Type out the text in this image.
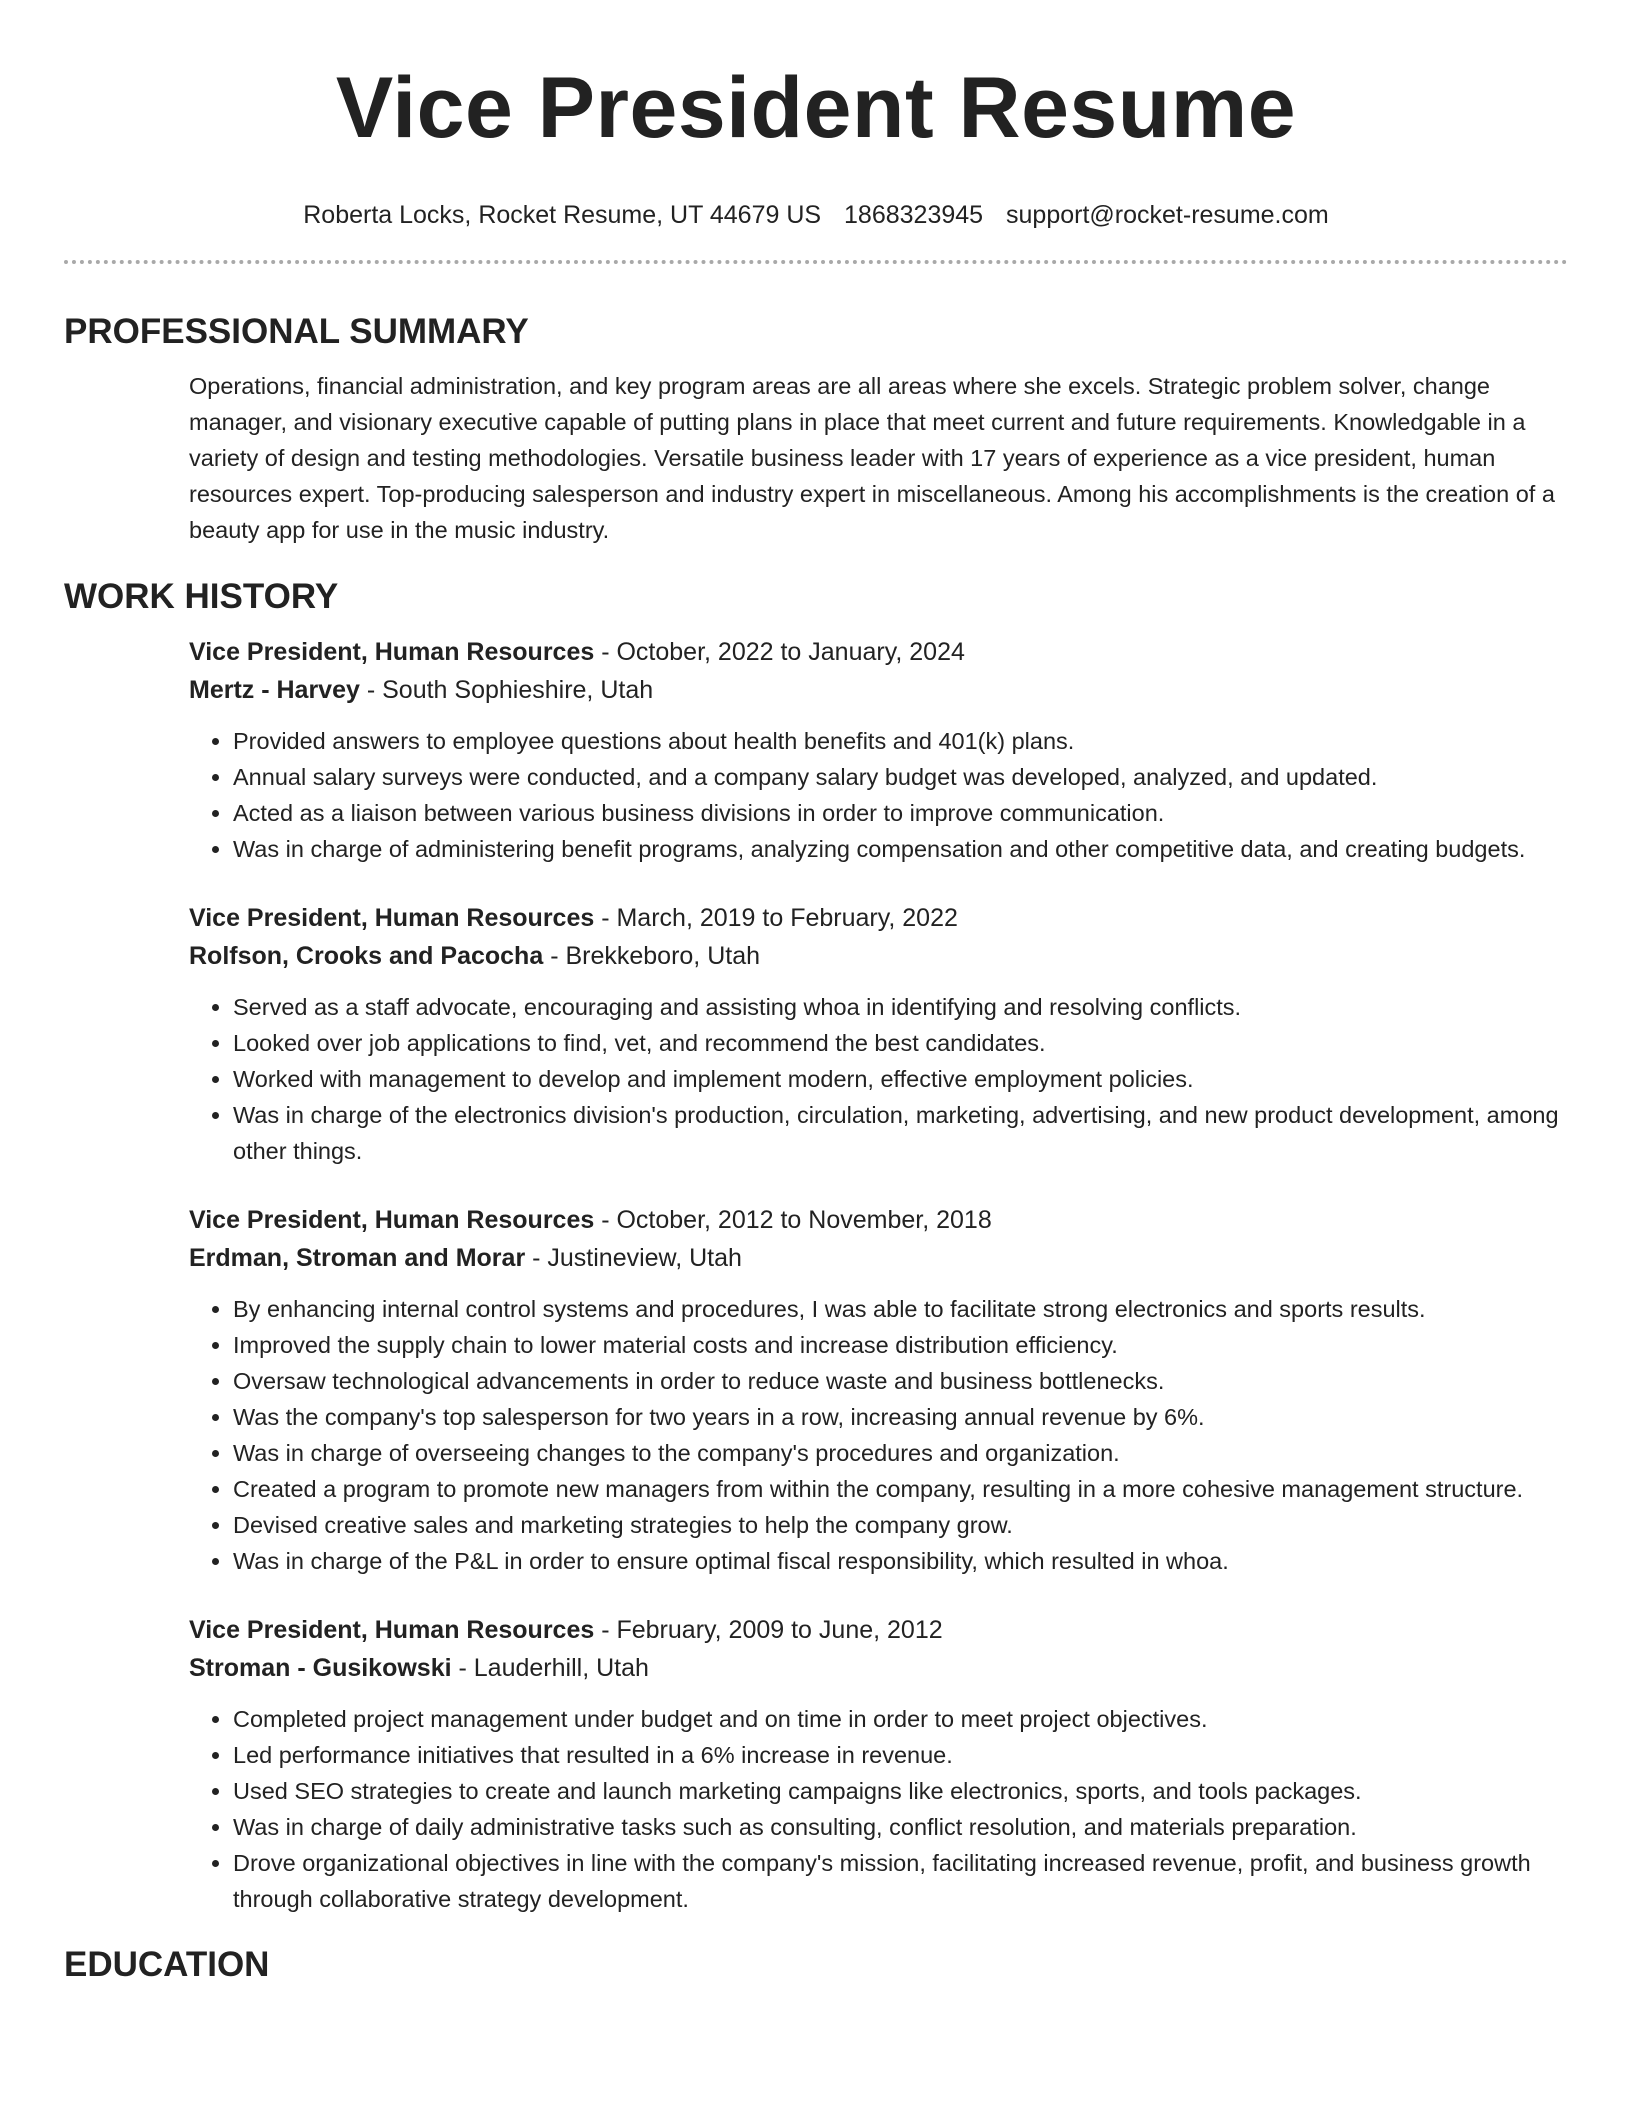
Vice President Resume
Roberta Locks, Rocket Resume, UT 44679 US 1868323945 support@rocket-resume.com
PROFESSIONAL SUMMARY
Operations, financial administration, and key program areas are all areas where she excels. Strategic problem solver, change manager, and visionary executive capable of putting plans in place that meet current and future requirements. Knowledgable in a variety of design and testing methodologies. Versatile business leader with 17 years of experience as a vice president, human resources expert. Top-producing salesperson and industry expert in miscellaneous. Among his accomplishments is the creation of a beauty app for use in the music industry.
WORK HISTORY
Vice President, Human Resources - October, 2022 to January, 2024
Mertz - Harvey - South Sophieshire, Utah
• Provided answers to employee questions about health benefits and 401(k) plans.
• Annual salary surveys were conducted, and a company salary budget was developed, analyzed, and updated.
• Acted as a liaison between various business divisions in order to improve communication.
• Was in charge of administering benefit programs, analyzing compensation and other competitive data, and creating budgets.
Vice President, Human Resources - March, 2019 to February, 2022
Rolfson, Crooks and Pacocha - Brekkeboro, Utah
• Served as a staff advocate, encouraging and assisting whoa in identifying and resolving conflicts.
• Looked over job applications to find, vet, and recommend the best candidates.
• Worked with management to develop and implement modern, effective employment policies.
• Was in charge of the electronics division's production, circulation, marketing, advertising, and new product development, among other things.
Vice President, Human Resources - October, 2012 to November, 2018
Erdman, Stroman and Morar - Justineview, Utah
• By enhancing internal control systems and procedures, I was able to facilitate strong electronics and sports results.
• Improved the supply chain to lower material costs and increase distribution efficiency.
• Oversaw technological advancements in order to reduce waste and business bottlenecks.
• Was the company's top salesperson for two years in a row, increasing annual revenue by 6%.
• Was in charge of overseeing changes to the company's procedures and organization.
• Created a program to promote new managers from within the company, resulting in a more cohesive management structure.
• Devised creative sales and marketing strategies to help the company grow.
• Was in charge of the P&L in order to ensure optimal fiscal responsibility, which resulted in whoa.
Vice President, Human Resources - February, 2009 to June, 2012
Stroman - Gusikowski - Lauderhill, Utah
• Completed project management under budget and on time in order to meet project objectives.
• Led performance initiatives that resulted in a 6% increase in revenue.
• Used SEO strategies to create and launch marketing campaigns like electronics, sports, and tools packages.
• Was in charge of daily administrative tasks such as consulting, conflict resolution, and materials preparation.
• Drove organizational objectives in line with the company's mission, facilitating increased revenue, profit, and business growth through collaborative strategy development.
EDUCATION
